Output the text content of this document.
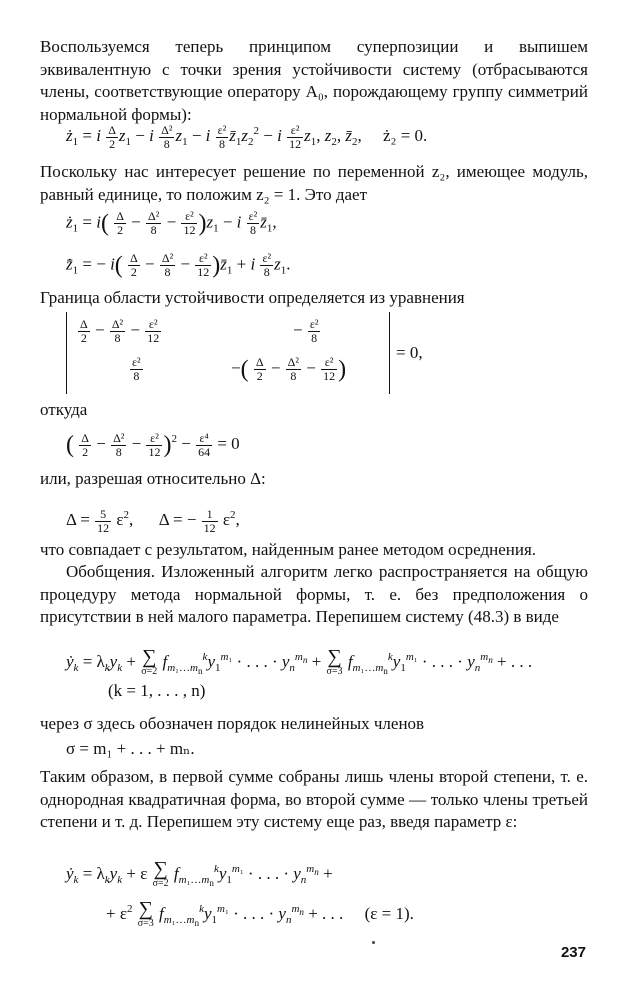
Воспользуемся теперь принципом суперпозиции и выпишем эквивалентную с точки зрения устойчивости систему (отбрасываются члены, соответствующие оператору A₀, порождающему группу симметрий нормальной формы):

$ż_1 = i \frac{\Delta}{2} z_1 - i \frac{\text{Δ²}}{8} z_1 - i \frac{\text{ε²}}{8}$ $z̄_1z_2^2 - i \frac{\text{ε²}}{12} z_1$, $z_2$, $z̄_2$,     ż₂ = 0.

Поскольку нас интересует решение по переменной z₂, имеющее модуль, равный единице, то положим z₂ = 1. Это дает

$ż_1 = i( \frac{\Delta}{2} - \frac{\text{Δ²}}{8} - \frac{\text{ε²}}{12} )z_1 - i \frac{\text{ε²}}{8}$ $z̄_1$,
$z̄̇_1$ = − $i( \frac{\Delta}{2} - \frac{\text{Δ²}}{8} - \frac{\text{ε²}}{12}$ )$z̄_1 + i \frac{\text{ε²}}{8} z_1$.

Граница области устойчивости определяется из уравнения

$\frac{\Delta}{2} - \frac{\text{Δ²}}{8} - \frac{\text{ε²}}{12}$	− $\frac{\text{ε²}}{8}$
$\frac{\text{ε²}}{8}$	−( $\frac{\Delta}{2} - \frac{\text{Δ²}}{8} - \frac{\text{ε²}}{12}$ )
= 0,

откуда

( $\frac{\Delta}{2} - \frac{\text{Δ²}}{8} - \frac{\text{ε²}}{12} )^2 - \frac{\text{ε⁴}}{64} = 0$

или, разрешая относительно Δ:

$\Delta = \frac{5}{12} \varepsilon^2$,      Δ = − $\frac{1}{12} \varepsilon^2$,

что совпадает с результатом, найденным ранее методом осреднения.

Обобщения. Изложенный алгоритм легко распространяется на общую процедуру метода нормальной формы, т. е. без предположения о присутствии в ней малого параметра. Перепишем систему (48.3) в виде

ẏ$_k$ = $\lambda_ky_k$ + ∑
σ=2
$f_{m_1\dots m_n}^ky_1^{m_1}$ · . . . · $y_n^{m_n}$ + ∑
σ=3
$f_{m_1\dots m_n}^ky_1^{m_1}$ · . . . · $y_n^{m_n}$ + . . .
(k = 1, . . . , n)

через σ здесь обозначен порядок нелинейных членов

σ = m₁ + . . . + mₙ.

Таким образом, в первой сумме собраны лишь члены второй степени, т. е. однородная квадратичная форма, во второй сумме — только члены третьей степени и т. д. Перепишем эту систему еще раз, введя параметр ε:

ẏ$_k$ = $\lambda_ky_k + \varepsilon$ ∑
σ=2
$f_{m_1\dots m_n}^ky_1^{m_1}$ · . . . · $y_n^{m_n}$ +
+ $\varepsilon^2$ ∑
σ=3
$f_{m_1\dots m_n}^ky_1^{m_1}$ · . . . · $y_n^{m_n}$ + . . .     (ε = 1).
237
